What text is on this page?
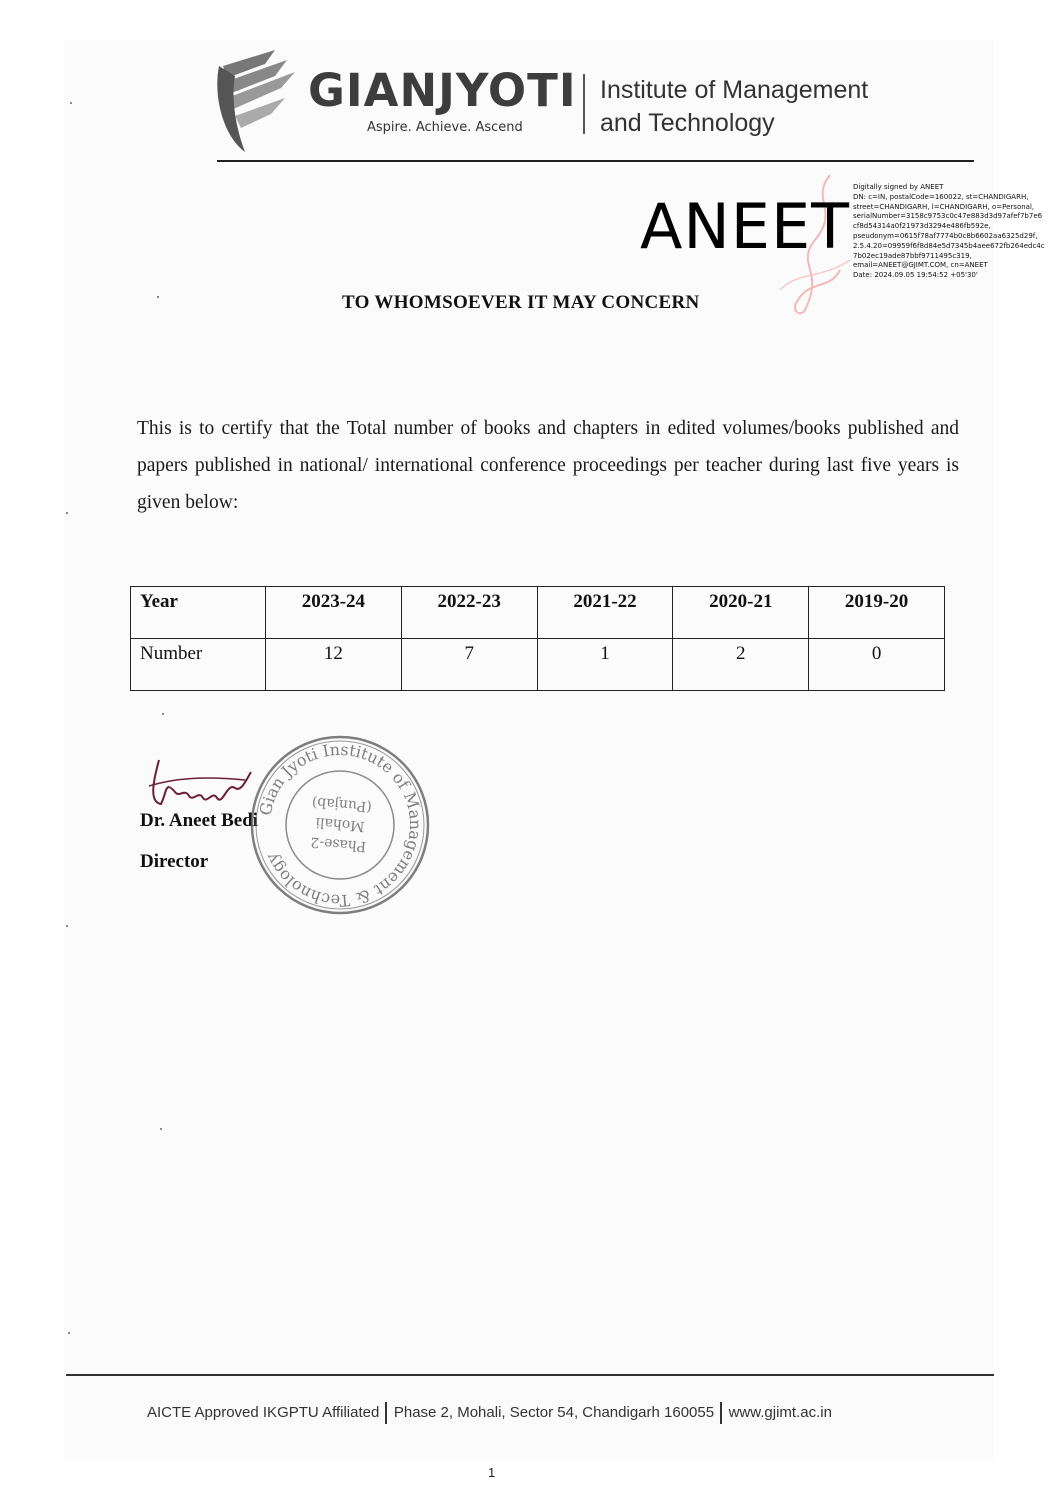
GIANJYOTI
Aspire. Achieve. Ascend
Institute of Management
and Technology
ANEET
Digitally signed by ANEET
DN: c=IN, postalCode=160022, st=CHANDIGARH,
street=CHANDIGARH, l=CHANDIGARH, o=Personal,
serialNumber=3158c9753c0c47e883d3d97afef7b7e6
cf8d54314a0f21973d3294e486fb592e,
pseudonym=0615f78af7774b0c8b6602aa6325d29f,
2.5.4.20=09959f6f8d84e5d7345b4aee672fb264edc4c
7b02ec19ade87bbf9711495c319,
email=ANEET@GJIMT.COM, cn=ANEET
Date: 2024.09.05 19:54:52 +05'30'
TO WHOMSOEVER IT MAY CONCERN
This is to certify that the Total number of books and chapters in edited volumes/books published and papers published in national/ international conference proceedings per teacher during last five years is given below:
Year	2023-24	2022-23	2021-22	2020-21	2019-20
Number	12	7	1	2	0
Dr. Aneet Bedi
Director
Gian Jyoti Institute of Management & Technology
Phase-2
Mohali
(Punjab)
AICTE Approved IKGPTU Affiliated Phase 2, Mohali, Sector 54, Chandigarh 160055 www.gjimt.ac.in
1
